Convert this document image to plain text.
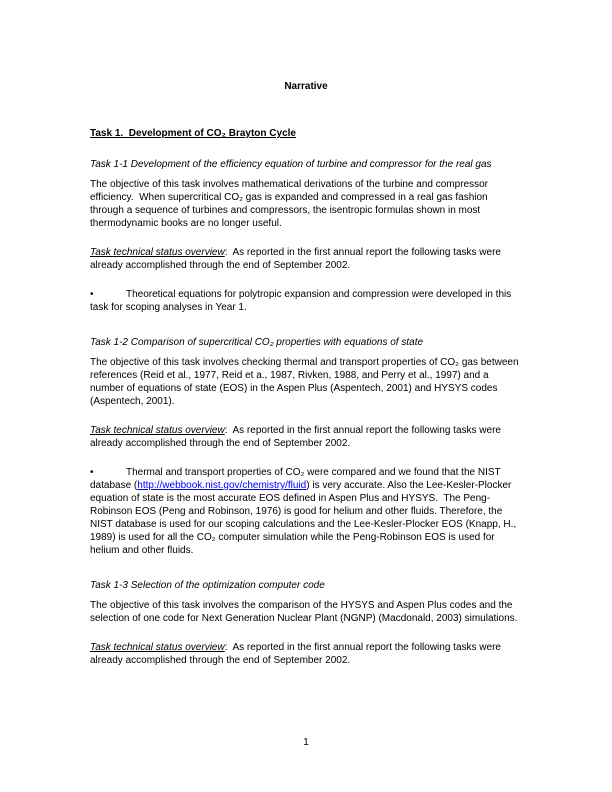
Narrative

Task 1.  Development of CO₂ Brayton Cycle
Task 1-1 Development of the efficiency equation of turbine and compressor for the real gas

The objective of this task involves mathematical derivations of the turbine and compressor efficiency.  When supercritical CO₂ gas is expanded and compressed in a real gas fashion through a sequence of turbines and compressors, the isentropic formulas shown in most thermodynamic books are no longer useful.

Task technical status overview:  As reported in the first annual report the following tasks were already accomplished through the end of September 2002.

•	Theoretical equations for polytropic expansion and compression were developed in this task for scoping analyses in Year 1.

Task 1-2 Comparison of supercritical CO₂ properties with equations of state

The objective of this task involves checking thermal and transport properties of CO₂ gas between references (Reid et al., 1977, Reid et a., 1987, Rivken, 1988, and Perry et al., 1997) and a number of equations of state (EOS) in the Aspen Plus (Aspentech, 2001) and HYSYS codes (Aspentech, 2001).

Task technical status overview:  As reported in the first annual report the following tasks were already accomplished through the end of September 2002.

•	Thermal and transport properties of CO₂ were compared and we found that the NIST database (http://webbook.nist.gov/chemistry/fluid) is very accurate. Also the Lee-Kesler-Plocker equation of state is the most accurate EOS defined in Aspen Plus and HYSYS.  The Peng-Robinson EOS (Peng and Robinson, 1976) is good for helium and other fluids. Therefore, the NIST database is used for our scoping calculations and the Lee-Kesler-Plocker EOS (Knapp, H., 1989) is used for all the CO₂ computer simulation while the Peng-Robinson EOS is used for helium and other fluids.

Task 1-3 Selection of the optimization computer code

The objective of this task involves the comparison of the HYSYS and Aspen Plus codes and the selection of one code for Next Generation Nuclear Plant (NGNP) (Macdonald, 2003) simulations.

Task technical status overview:  As reported in the first annual report the following tasks were already accomplished through the end of September 2002.

1
